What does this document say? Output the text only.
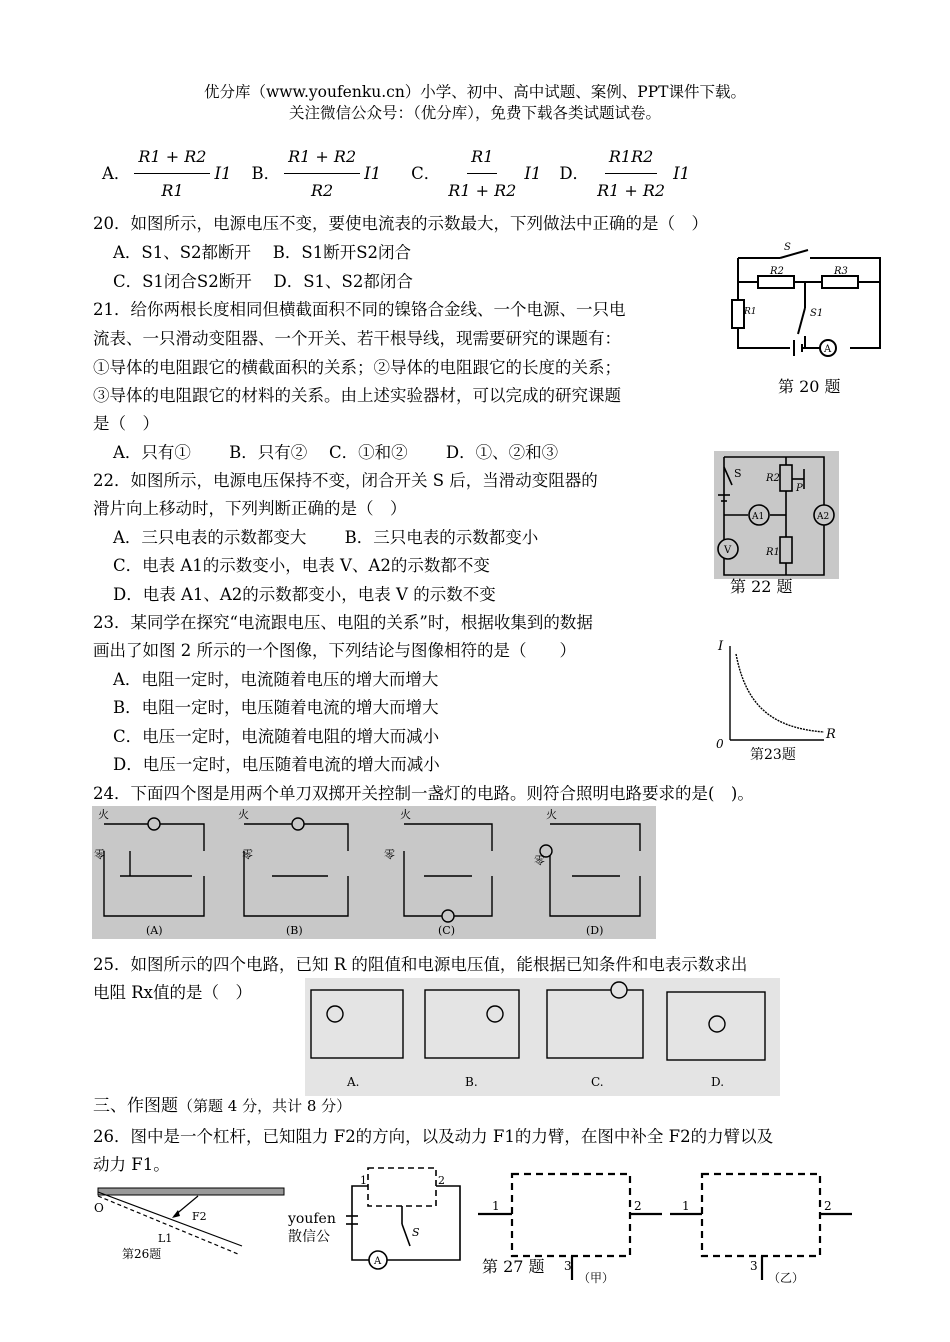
优分库（www.youfenku.cn）小学、初中、高中试题、案例、PPT课件下载。
关注微信公众号：（优分库），免费下载各类试题试卷。
A． $\frac{R1 + R2}{R1} I1$ B． $\frac{R1 + R2}{R2} I1$ C． $\frac{R1}{R1 + R2} I1$ D． $\frac{R1R2}{R1 + R2} I1$
20．如图所示，电源电压不变，要使电流表的示数最大，下列做法中正确的是（　）
A．S1、S2都断开　 B．S1断开S2闭合
C．S1闭合S2断开　 D．S1、S2都闭合
S
R2	R3
R1	S1
A
第 20 题
21．给你两根长度相同但横截面积不同的镍铬合金线、一个电源、一只电
流表、一只滑动变阻器、一个开关、若干根导线，现需要研究的课题有：
①导体的电阻跟它的横截面积的关系；②导体的电阻跟它的长度的关系；
③导体的电阻跟它的材料的关系。由上述实验器材，可以完成的研究课题
是（　）
A．只有①　　 B．只有②　 C．①和②　　 D．①、②和③
22．如图所示，电源电压保持不变，闭合开关 S 后，当滑动变阻器的
滑片向上移动时，下列判断正确的是（　）
A．三只电表的示数都变大　　 B．三只电表的示数都变小
C．电表 A1的示数变小，电表 V、A2的示数都不变
D．电表 A1、A2的示数都变小，电表 V 的示数不变
S R2
P
A1	A2
V	R1
第 22 题
23．某同学在探究“电流跟电压、电阻的关系”时，根据收集到的数据
画出了如图 2 所示的一个图像，下列结论与图像相符的是（　　）
A．电阻一定时，电流随着电压的增大而增大
B．电阻一定时，电压随着电流的增大而增大
C．电压一定时，电流随着电阻的增大而减小
D．电压一定时，电压随着电流的增大而减小
I
R
0
第23题
24．下面四个图是用两个单刀双掷开关控制一盏灯的电路。则符合照明电路要求的是(　)。
火	火	火	火
零	零	零	零
(A)	(B)	(C)	(D)
25．如图所示的四个电路，已知 R 的阻值和电源电压值，能根据已知条件和电表示数求出
电阻 Rx值的是（　）
A.	B.	C.	D.
三、作图题（第题 4 分，共计 8 分）
26．图中是一个杠杆，已知阻力 F2的方向，以及动力 F1的力臂，在图中补全 F2的力臂以及
动力 F1。
O
F2
L1
第26题
1	2
S
A
youfen
散信公
1	2
3
1	2
3
（甲）	（乙）
第 27 题
